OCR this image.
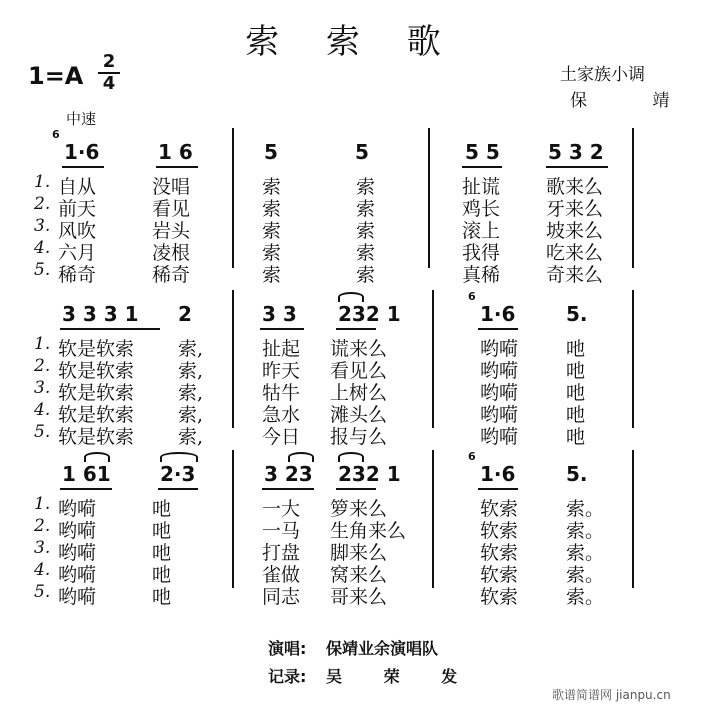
索 索 歌
$1=A \frac{2}{4}$	土家族小调
保 靖
中速
1·6	1 6	5	5	5 5 5 3 2
6
1. 自从	没唱	索	索	扯谎 歌来么
2. 前天	看见	索	索	鸡长 牙来么
3. 风吹	岩头	索	索	滚上 坡来么
4. 六月	凌根	索	索	我得 吃来么
5. 稀奇	稀奇	索	索	真稀 奇来么
3 3 3 1 2	3 3 232 1	1·6	5.
6
1. 软是软索 索,	扯起 谎来么	哟嗬	吔
2. 软是软索 索,	昨天 看见么	哟嗬	吔
3. 软是软索 索,	牯牛 上树么	哟嗬	吔
4. 软是软索 索,	急水 滩头么	哟嗬	吔
5. 软是软索 索,	今日 报与么	哟嗬	吔
1 61 2·3	3 23 232 1	1·6	5.
6
1. 哟嗬	吔	一大 箩来么	软索	索。
2. 哟嗬	吔	一马 生角来么	软索	索。
3. 哟嗬	吔	打盘 脚来么	软索	索。
4. 哟嗬	吔	雀做 窝来么	软索	索。
5. 哟嗬	吔	同志 哥来么	软索	索。
演唱: 保靖业余演唱队
记录: 吴 荣 发
歌谱简谱网 jianpu.cn
